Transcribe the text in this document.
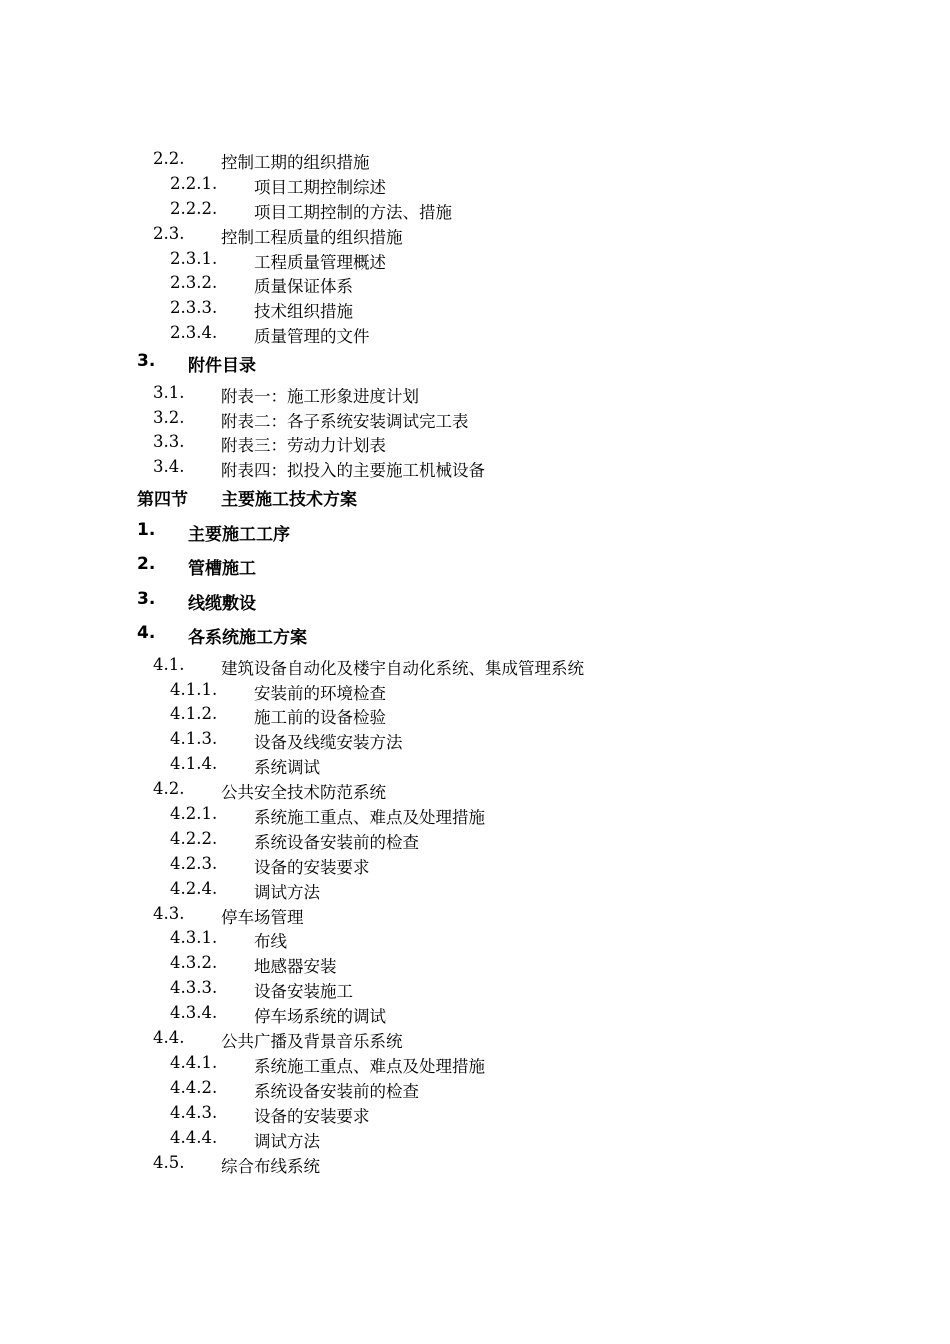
2.2. 控制工期的组织措施
2.2.1. 项目工期控制综述
2.2.2. 项目工期控制的方法、措施
2.3. 控制工程质量的组织措施
2.3.1. 工程质量管理概述
2.3.2. 质量保证体系
2.3.3. 技术组织措施
2.3.4. 质量管理的文件
3. 附件目录
3.1. 附表一：施工形象进度计划
3.2. 附表二：各子系统安装调试完工表
3.3. 附表三：劳动力计划表
3.4. 附表四：拟投入的主要施工机械设备
第四节 主要施工技术方案
1. 主要施工工序
2. 管槽施工
3. 线缆敷设
4. 各系统施工方案
4.1. 建筑设备自动化及楼宇自动化系统、集成管理系统
4.1.1. 安装前的环境检查
4.1.2. 施工前的设备检验
4.1.3. 设备及线缆安装方法
4.1.4. 系统调试
4.2. 公共安全技术防范系统
4.2.1. 系统施工重点、难点及处理措施
4.2.2. 系统设备安装前的检查
4.2.3. 设备的安装要求
4.2.4. 调试方法
4.3. 停车场管理
4.3.1. 布线
4.3.2. 地感器安装
4.3.3. 设备安装施工
4.3.4. 停车场系统的调试
4.4. 公共广播及背景音乐系统
4.4.1. 系统施工重点、难点及处理措施
4.4.2. 系统设备安装前的检查
4.4.3. 设备的安装要求
4.4.4. 调试方法
4.5. 综合布线系统
